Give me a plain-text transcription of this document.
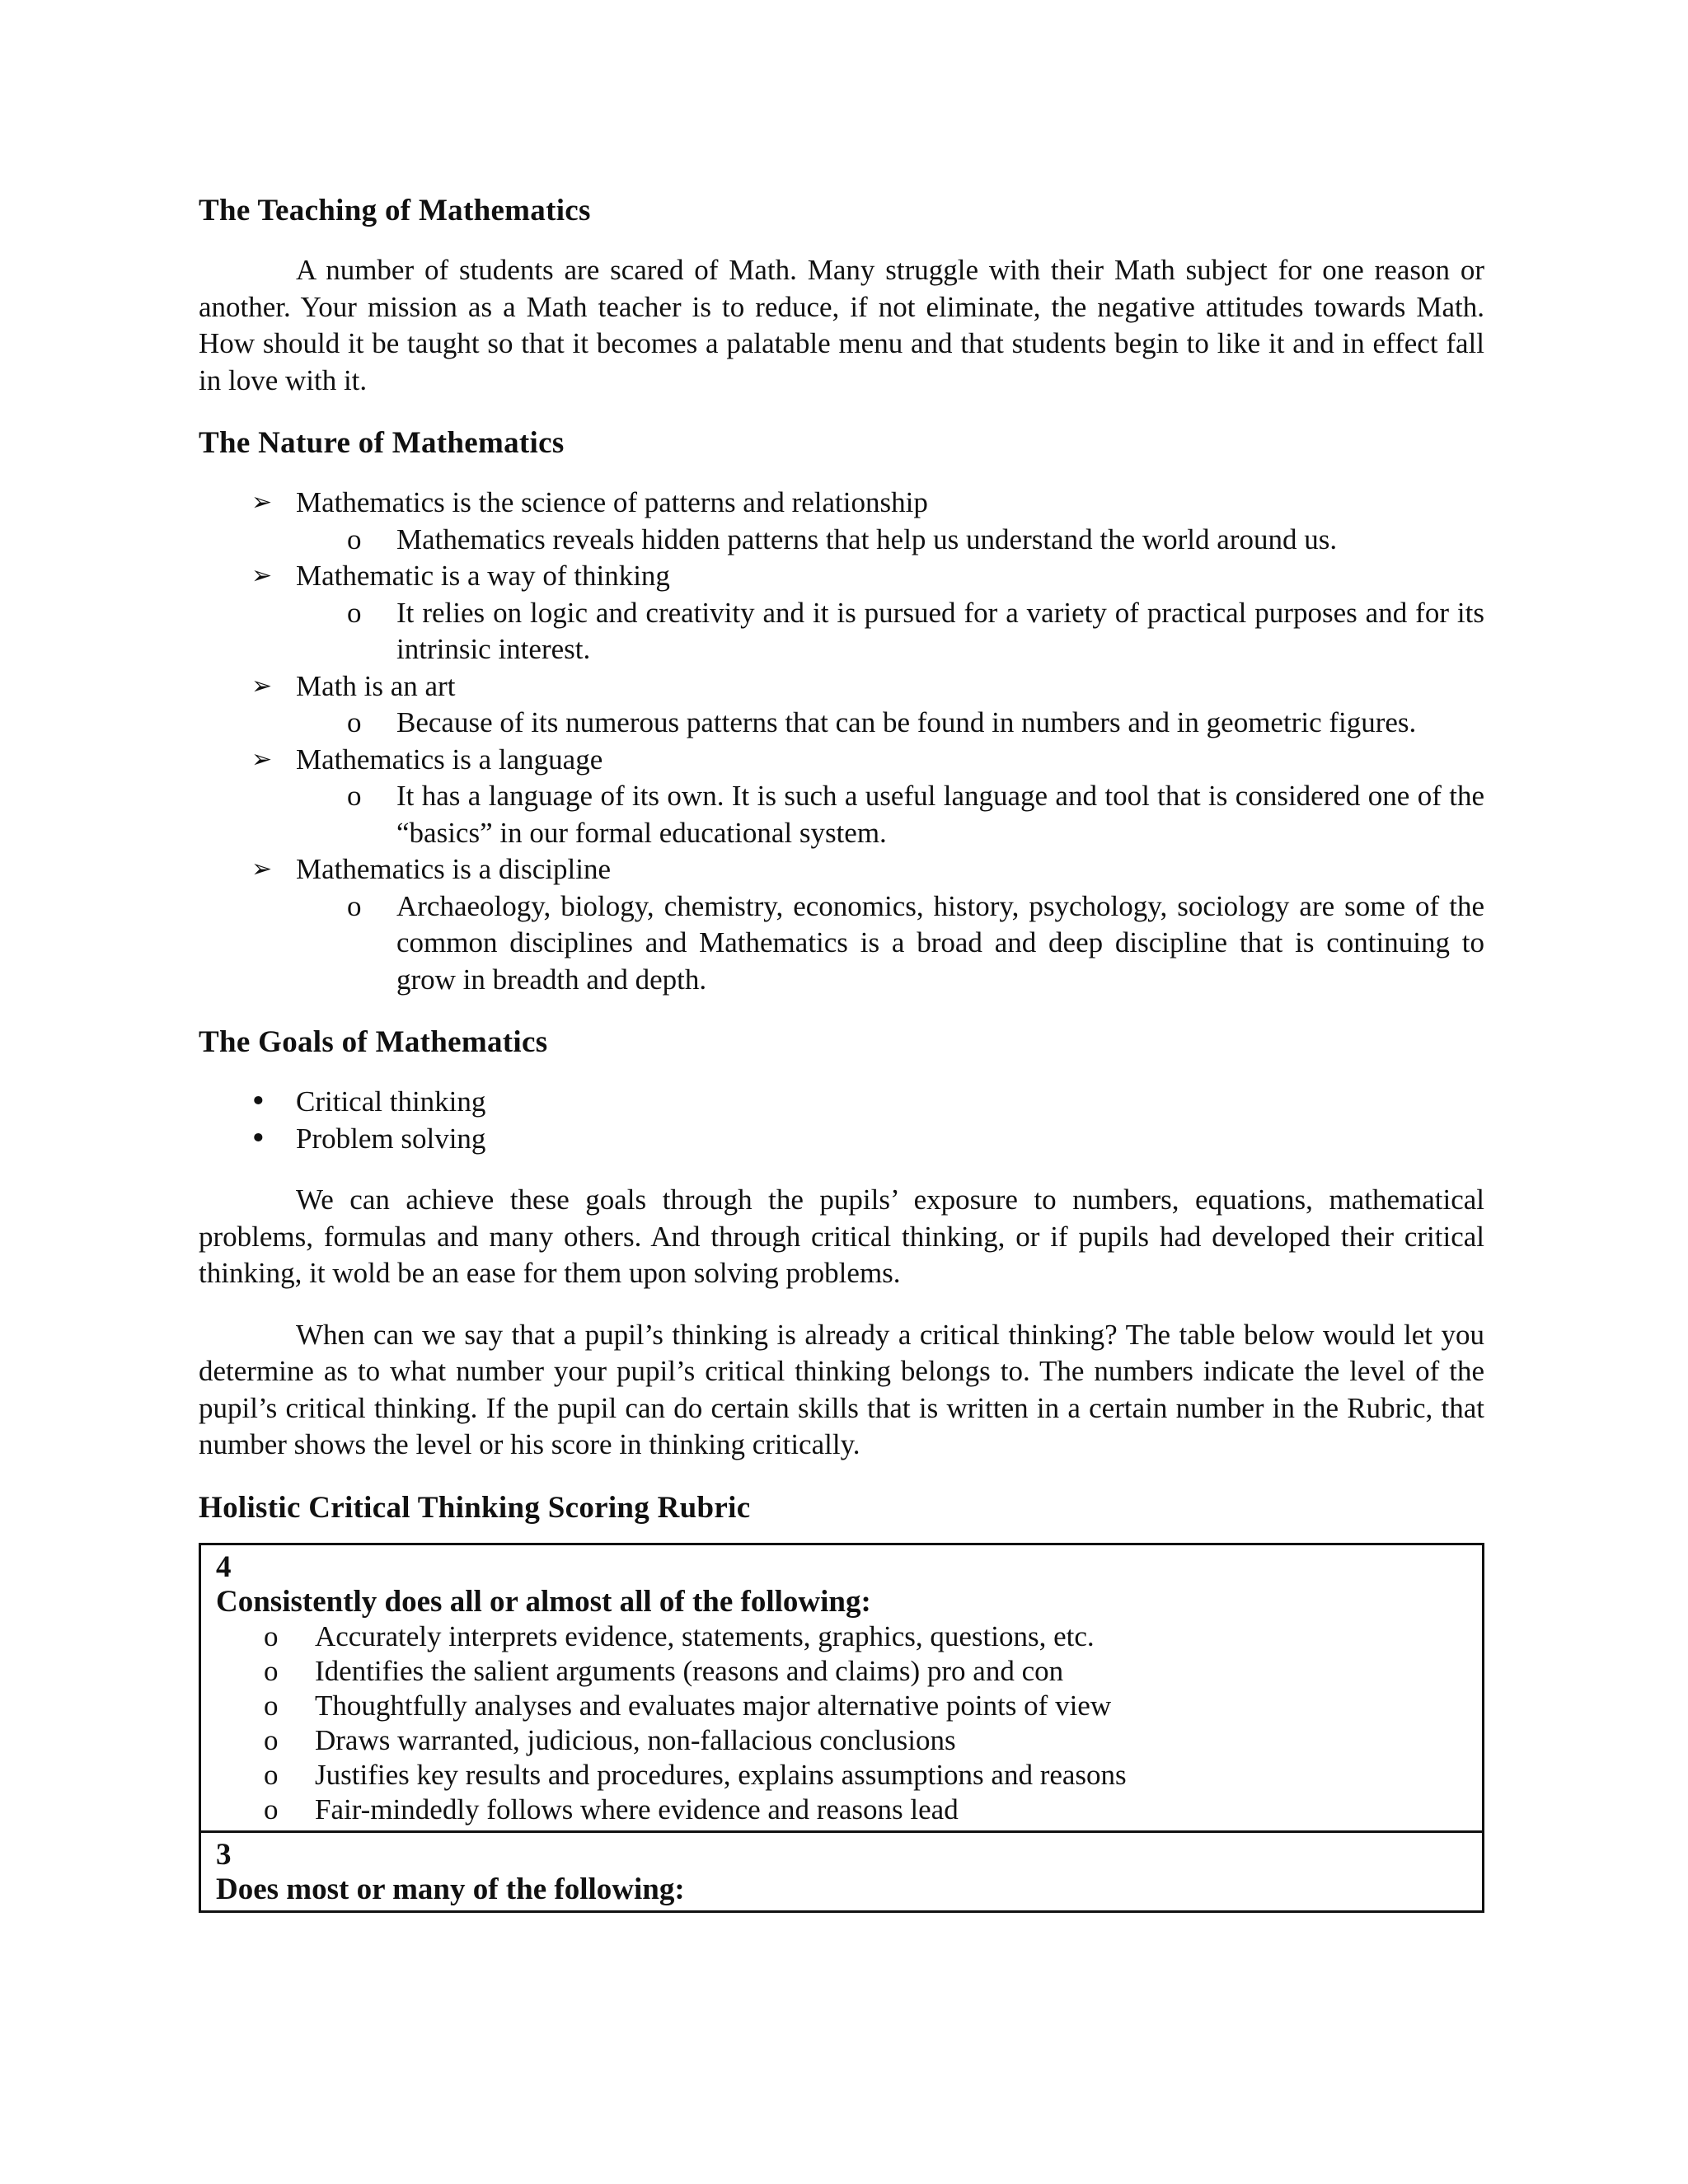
The Teaching of Mathematics

A number of students are scared of Math. Many struggle with their Math subject for one reason or another. Your mission as a Math teacher is to reduce, if not eliminate, the negative attitudes towards Math. How should it be taught so that it becomes a palatable menu and that students begin to like it and in effect fall in love with it.

The Nature of Mathematics
➢ Mathematics is the science of patterns and relationship
o Mathematics reveals hidden patterns that help us understand the world around us.
➢ Mathematic is a way of thinking
o It relies on logic and creativity and it is pursued for a variety of practical purposes and for its intrinsic interest.
➢ Math is an art
o Because of its numerous patterns that can be found in numbers and in geometric figures.
➢ Mathematics is a language
o It has a language of its own. It is such a useful language and tool that is considered one of the “basics” in our formal educational system.
➢ Mathematics is a discipline
o Archaeology, biology, chemistry, economics, history, psychology, sociology are some of the common disciplines and Mathematics is a broad and deep discipline that is continuing to grow in breadth and depth.
The Goals of Mathematics
• Critical thinking
• Problem solving

We can achieve these goals through the pupils’ exposure to numbers, equations, mathematical problems, formulas and many others. And through critical thinking, or if pupils had developed their critical thinking, it wold be an ease for them upon solving problems.

When can we say that a pupil’s thinking is already a critical thinking? The table below would let you determine as to what number your pupil’s critical thinking belongs to. The numbers indicate the level of the pupil’s critical thinking. If the pupil can do certain skills that is written in a certain number in the Rubric, that number shows the level or his score in thinking critically.

Holistic Critical Thinking Scoring Rubric
4
Consistently does all or almost all of the following:
o Accurately interprets evidence, statements, graphics, questions, etc.
o Identifies the salient arguments (reasons and claims) pro and con
o Thoughtfully analyses and evaluates major alternative points of view
o Draws warranted, judicious, non-fallacious conclusions
o Justifies key results and procedures, explains assumptions and reasons
o Fair-mindedly follows where evidence and reasons lead
3
Does most or many of the following:
